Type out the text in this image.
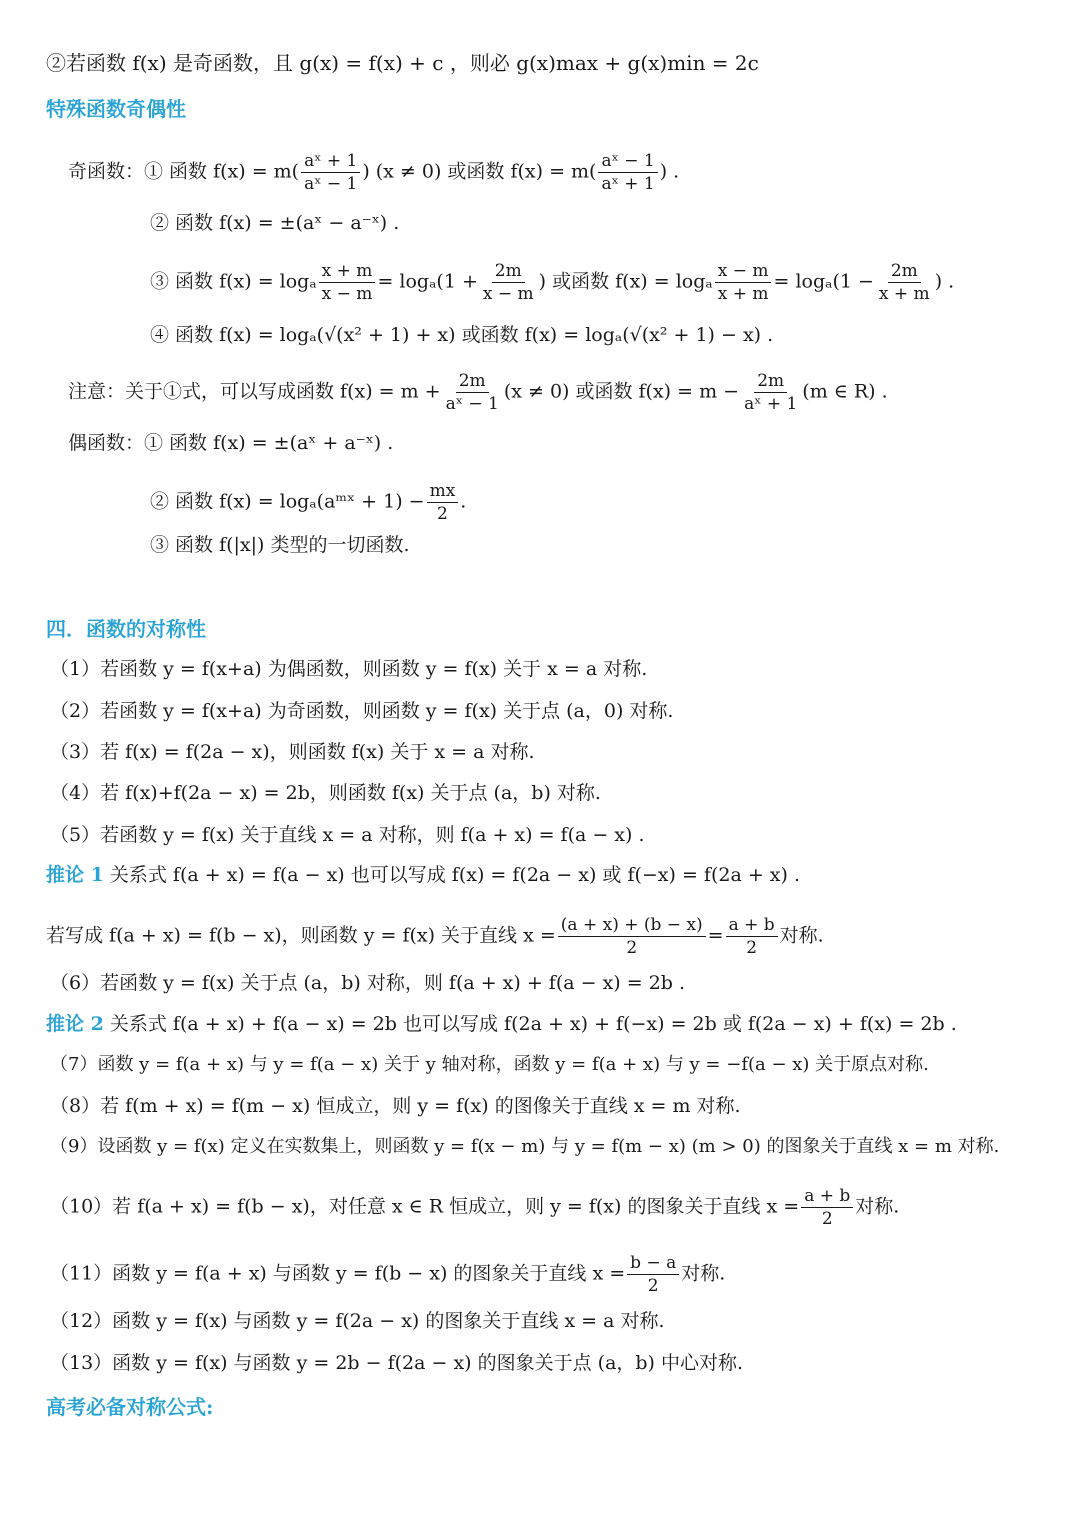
②若函数 f(x) 是奇函数，且 g(x) = f(x) + c ，则必 g(x)max + g(x)min = 2c
特殊函数奇偶性
奇函数：① 函数 $f(x) = m( \frac{\text{aˣ + 1}}{\text{aˣ − 1}}$ ) (x ≠ 0) 或函数 $f(x) = m( \frac{\text{aˣ − 1}}{\text{aˣ + 1}}$ ) .
② 函数 f(x) = ±(aˣ − a⁻ˣ) .
③ 函数 f(x) = logₐ $\frac{x + m}{x - m} = \log_a(1 + \frac{2m}{x - m}$ ) 或函数 f(x) = logₐ $\frac{x - m}{x + m} = \log_a(1 - \frac{2m}{x + m}$ ) .
④ 函数 f(x) = logₐ(√(x² + 1) + x) 或函数 f(x) = logₐ(√(x² + 1) − x) .
注意：关于①式，可以写成函数 $f(x) = m + \frac{2m}{\text{aˣ − 1}} (x \ne 0)$ 或函数 $f(x) = m - \frac{2m}{\text{aˣ + 1}} (m$ ∈ R) .
偶函数：① 函数 f(x) = ±(aˣ + a⁻ˣ) .
② 函数 f(x) = logₐ(aᵐˣ + $1) - \frac{mx}{2}$ .
③ 函数 f(|x|) 类型的一切函数.
四．函数的对称性
（1）若函数 y = f(x+a) 为偶函数，则函数 y = f(x) 关于 x = a 对称.
（2）若函数 y = f(x+a) 为奇函数，则函数 y = f(x) 关于点 (a，0) 对称.
（3）若 f(x) = f(2a − x)，则函数 f(x) 关于 x = a 对称.
（4）若 f(x)+f(2a − x) = 2b，则函数 f(x) 关于点 (a，b) 对称.
（5）若函数 y = f(x) 关于直线 x = a 对称，则 f(a + x) = f(a − x) .
推论 1 关系式 f(a + x) = f(a − x) 也可以写成 f(x) = f(2a − x) 或 f(−x) = f(2a + x) .
若写成 f(a + x) = f(b − x)，则函数 y = f(x) 关于直线 $x = \frac{(a + x) + (b - x)}{2} = \frac{a + b}{2}$ 对称.
（6）若函数 y = f(x) 关于点 (a，b) 对称，则 f(a + x) + f(a − x) = 2b .
推论 2 关系式 f(a + x) + f(a − x) = 2b 也可以写成 f(2a + x) + f(−x) = 2b 或 f(2a − x) + f(x) = 2b .
（7）函数 y = f(a + x) 与 y = f(a − x) 关于 y 轴对称，函数 y = f(a + x) 与 y = −f(a − x) 关于原点对称.
（8）若 f(m + x) = f(m − x) 恒成立，则 y = f(x) 的图像关于直线 x = m 对称.
（9）设函数 y = f(x) 定义在实数集上，则函数 y = f(x − m) 与 y = f(m − x) (m > 0) 的图象关于直线 x = m 对称.
（10）若 f(a + x) = f(b − x)，对任意 x ∈ R 恒成立，则 y = f(x) 的图象关于直线 $x = \frac{a + b}{2}$ 对称.
（11）函数 y = f(a + x) 与函数 y = f(b − x) 的图象关于直线 $x = \frac{b - a}{2}$ 对称.
（12）函数 y = f(x) 与函数 y = f(2a − x) 的图象关于直线 x = a 对称.
（13）函数 y = f(x) 与函数 y = 2b − f(2a − x) 的图象关于点 (a，b) 中心对称.
高考必备对称公式:
